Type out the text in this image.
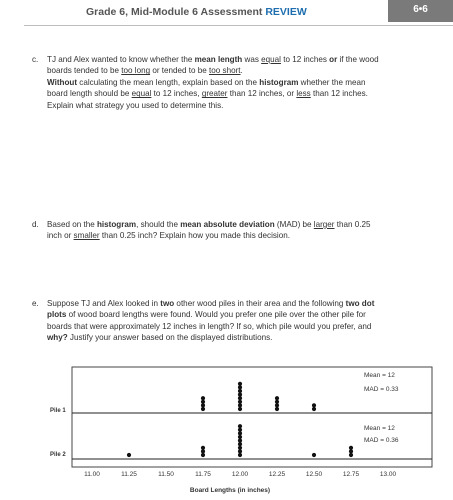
Grade 6, Mid-Module 6 Assessment REVIEW	6•6
c. TJ and Alex wanted to know whether the mean length was equal to 12 inches or if the wood

boards tended to be too long or tended to be too short.

Without calculating the mean length, explain based on the histogram whether the mean

board length should be equal to 12 inches, greater than 12 inches, or less than 12 inches.

Explain what strategy you used to determine this.

d. Based on the histogram, should the mean absolute deviation (MAD) be larger than 0.25

inch or smaller than 0.25 inch? Explain how you made this decision.

e. Suppose TJ and Alex looked in two other wood piles in their area and the following two dot

plots of wood board lengths were found. Would you prefer one pile over the other pile for

boards that were approximately 12 inches in length? If so, which pile would you prefer, and

why? Justify your answer based on the displayed distributions.

Pile 1
Mean = 12
MAD = 0.33
Pile 2
Mean = 12
MAD = 0.36
11.00	11.25	11.50	11.75	12.00	12.25	12.50	12.75	13.00
Board Lengths (in inches)
